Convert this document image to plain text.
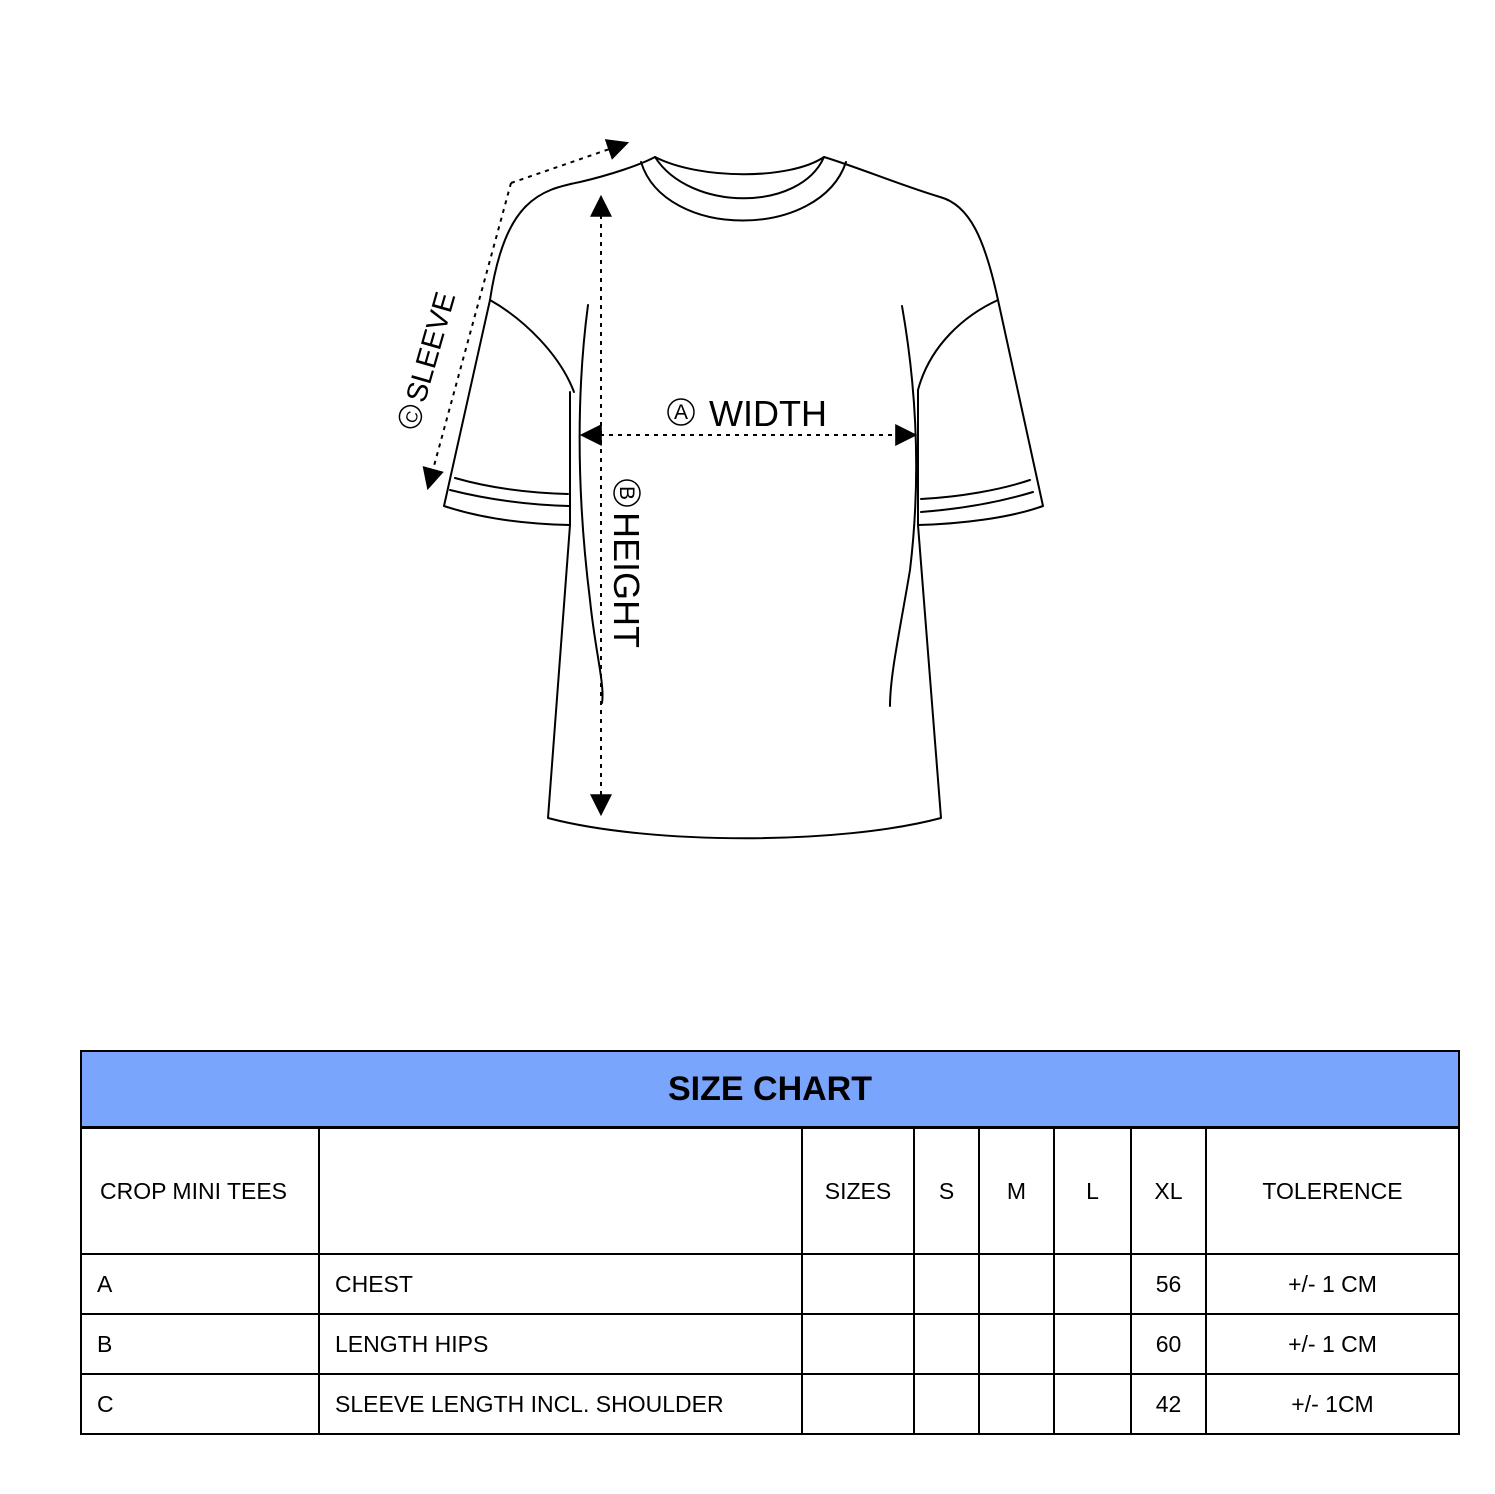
A WIDTH
B
HEIGHT
C
SLEEVE
SIZE CHART							
CROP MINI TEES		SIZES	S	M	L	XL	TOLERENCE
A	CHEST					56	+/- 1 CM
B	LENGTH HIPS					60	+/- 1 CM
C	SLEEVE LENGTH INCL. SHOULDER					42	+/- 1CM
